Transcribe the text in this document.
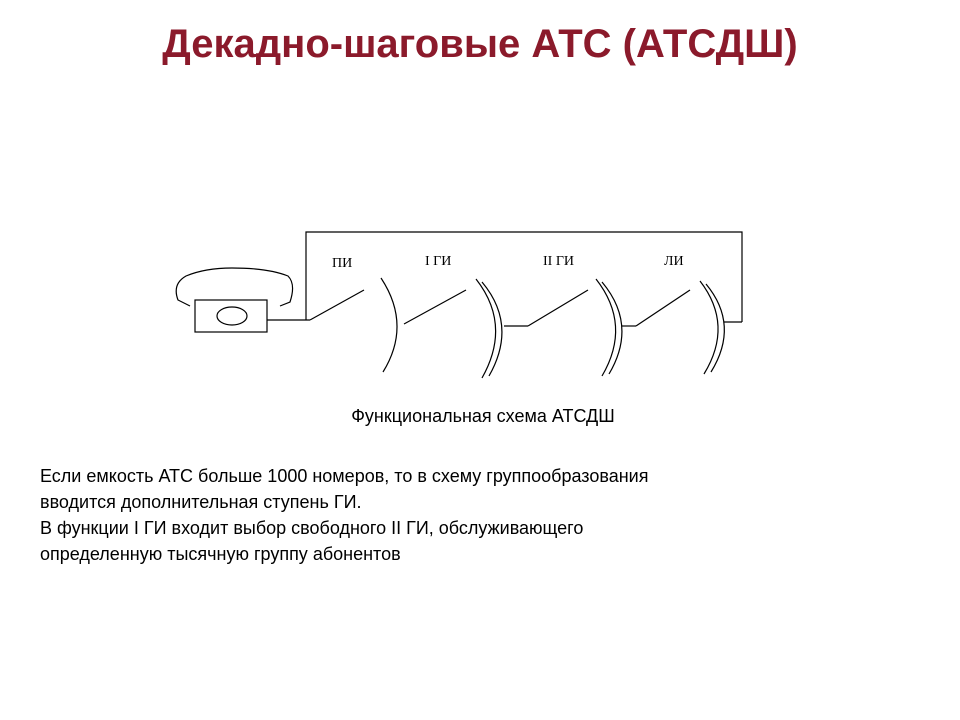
Декадно-шаговые АТС (АТСДШ)
ПИ	I ГИ	II ГИ	ЛИ
Функциональная схема АТСДШ

Если емкость АТС больше 1000 номеров, то в схему группообразования

вводится дополнительная ступень ГИ.

В функции I ГИ входит выбор свободного II ГИ, обслуживающего

определенную тысячную группу абонентов
